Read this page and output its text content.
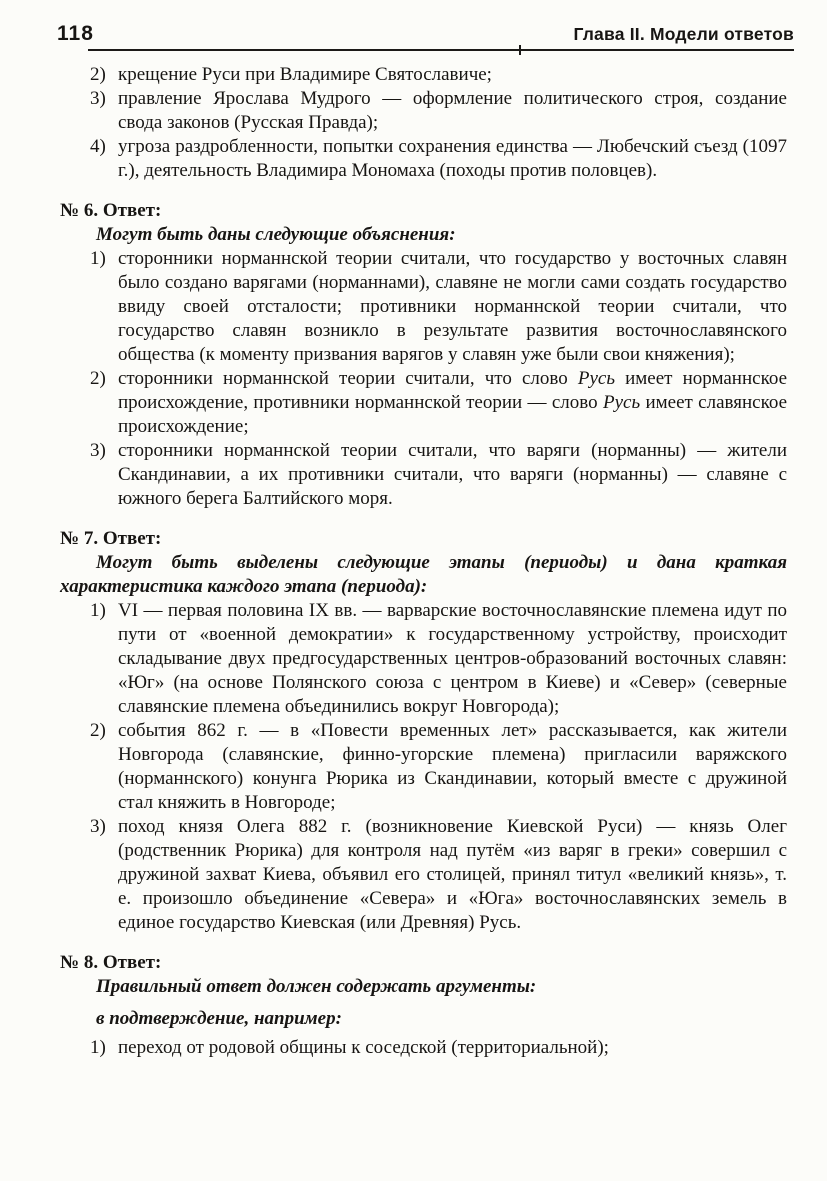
118	Глава II. Модели ответов
2) крещение Руси при Владимире Святославиче;
3) правление Ярослава Мудрого — оформление политического строя, создание свода законов (Русская Правда);
4) угроза раздробленности, попытки сохранения единства — Любечский съезд (1097 г.), деятельность Владимира Мономаха (походы против половцев).
№ 6. Ответ:

Могут быть даны следующие объяснения:

1) сторонники норманнской теории считали, что государство у восточных славян было создано варягами (норманнами), славяне не могли сами создать государство ввиду своей отсталости; противники норманнской теории считали, что государство славян возникло в результате развития восточнославянского общества (к моменту призвания варягов у славян уже были свои княжения);
2) сторонники норманнской теории считали, что слово Русь имеет норманнское происхождение, противники норманнской теории — слово Русь имеет славянское происхождение;
3) сторонники норманнской теории считали, что варяги (норманны) — жители Скандинавии, а их противники считали, что варяги (норманны) — славяне с южного берега Балтийского моря.
№ 7. Ответ:

Могут быть выделены следующие этапы (периоды) и дана краткая характеристика каждого этапа (периода):

1) VI — первая половина IX вв. — варварские восточнославянские племена идут по пути от «военной демократии» к государственному устройству, происходит складывание двух предгосударственных центров-образований восточных славян: «Юг» (на основе Полянского союза с центром в Киеве) и «Север» (северные славянские племена объединились вокруг Новгорода);
2) события 862 г. — в «Повести временных лет» рассказывается, как жители Новгорода (славянские, финно-угорские племена) пригласили варяжского (норманнского) конунга Рюрика из Скандинавии, который вместе с дружиной стал княжить в Новгороде;
3) поход князя Олега 882 г. (возникновение Киевской Руси) — князь Олег (родственник Рюрика) для контроля над путём «из варяг в греки» совершил с дружиной захват Киева, объявил его столицей, принял титул «великий князь», т. е. произошло объединение «Севера» и «Юга» восточнославянских земель в единое государство Киевская (или Древняя) Русь.
№ 8. Ответ:

Правильный ответ должен содержать аргументы:

в подтверждение, например:

1) переход от родовой общины к соседской (территориальной);
